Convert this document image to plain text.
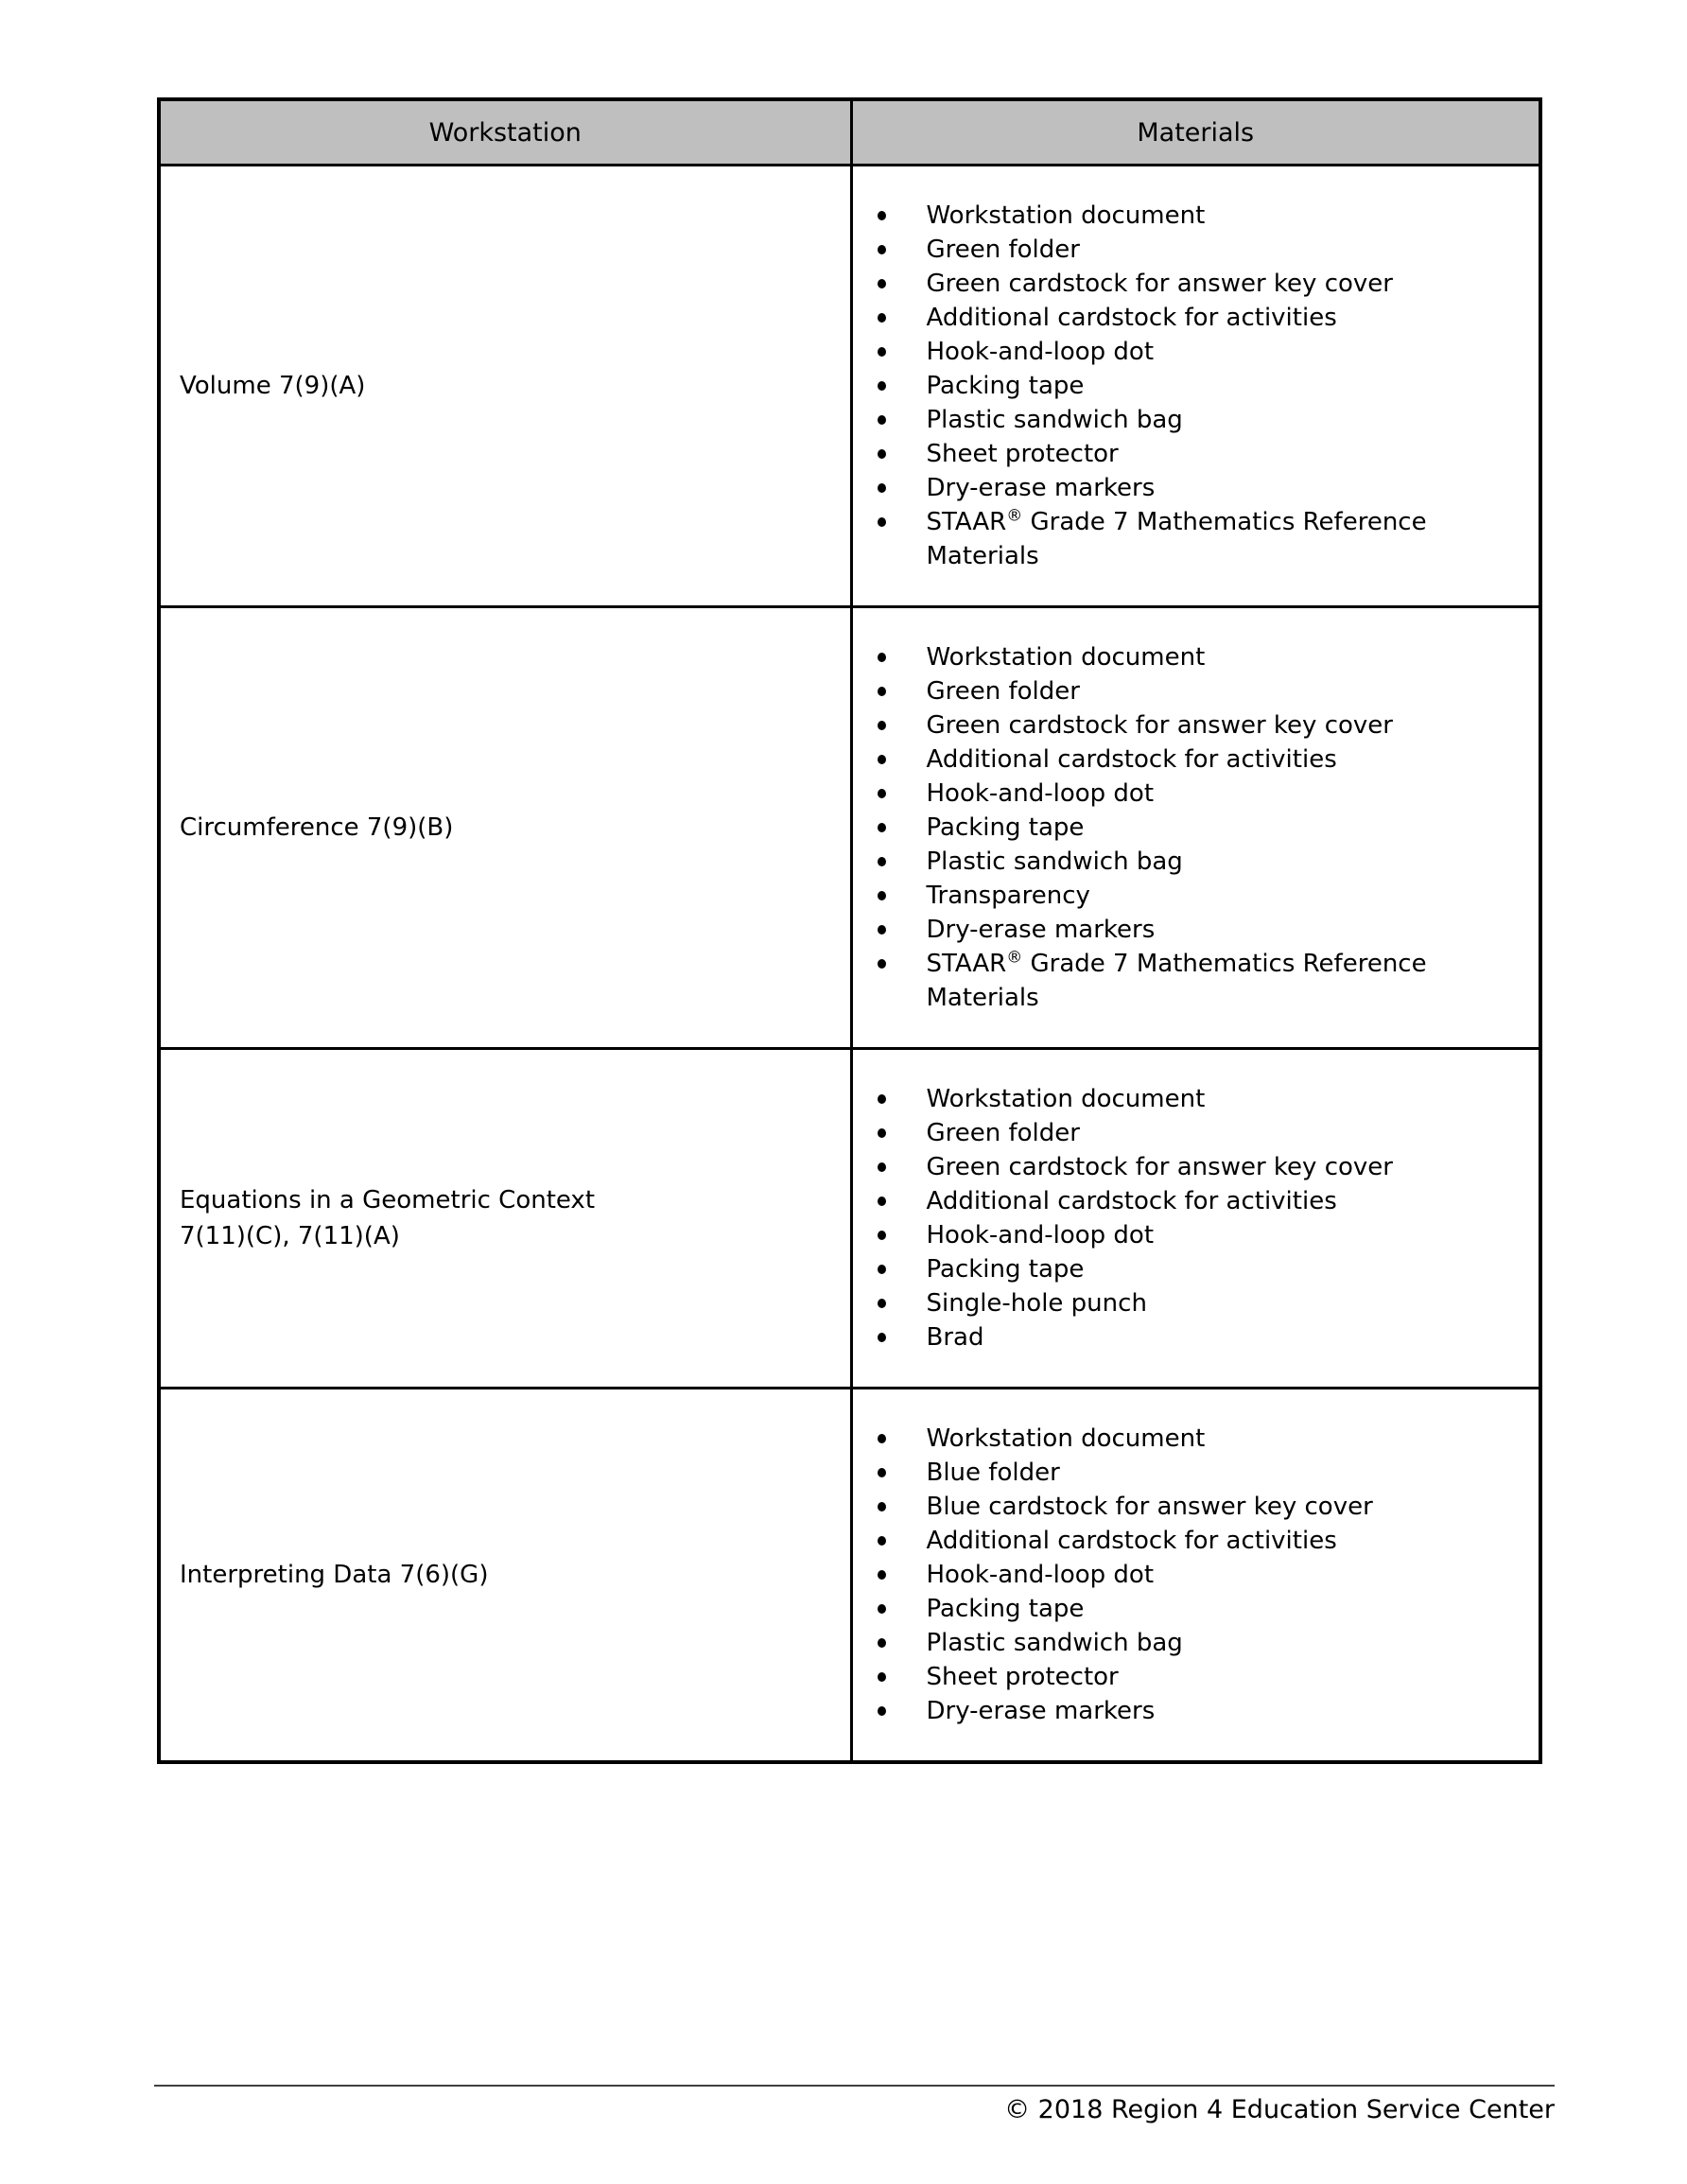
Workstation	Materials

Volume 7(9)(A)

Workstation document
Green folder
Green cardstock for answer key cover
Additional cardstock for activities
Hook-and-loop dot
Packing tape
Plastic sandwich bag
Sheet protector
Dry-erase markers
STAAR® Grade 7 Mathematics Reference Materials

Circumference 7(9)(B)

Workstation document
Green folder
Green cardstock for answer key cover
Additional cardstock for activities
Hook-and-loop dot
Packing tape
Plastic sandwich bag
Transparency
Dry-erase markers
STAAR® Grade 7 Mathematics Reference Materials

Equations in a Geometric Context
7(11)(C), 7(11)(A)

Workstation document
Green folder
Green cardstock for answer key cover
Additional cardstock for activities
Hook-and-loop dot
Packing tape
Single-hole punch
Brad

Interpreting Data 7(6)(G)

Workstation document
Blue folder
Blue cardstock for answer key cover
Additional cardstock for activities
Hook-and-loop dot
Packing tape
Plastic sandwich bag
Sheet protector
Dry-erase markers
© 2018 Region 4 Education Service Center
